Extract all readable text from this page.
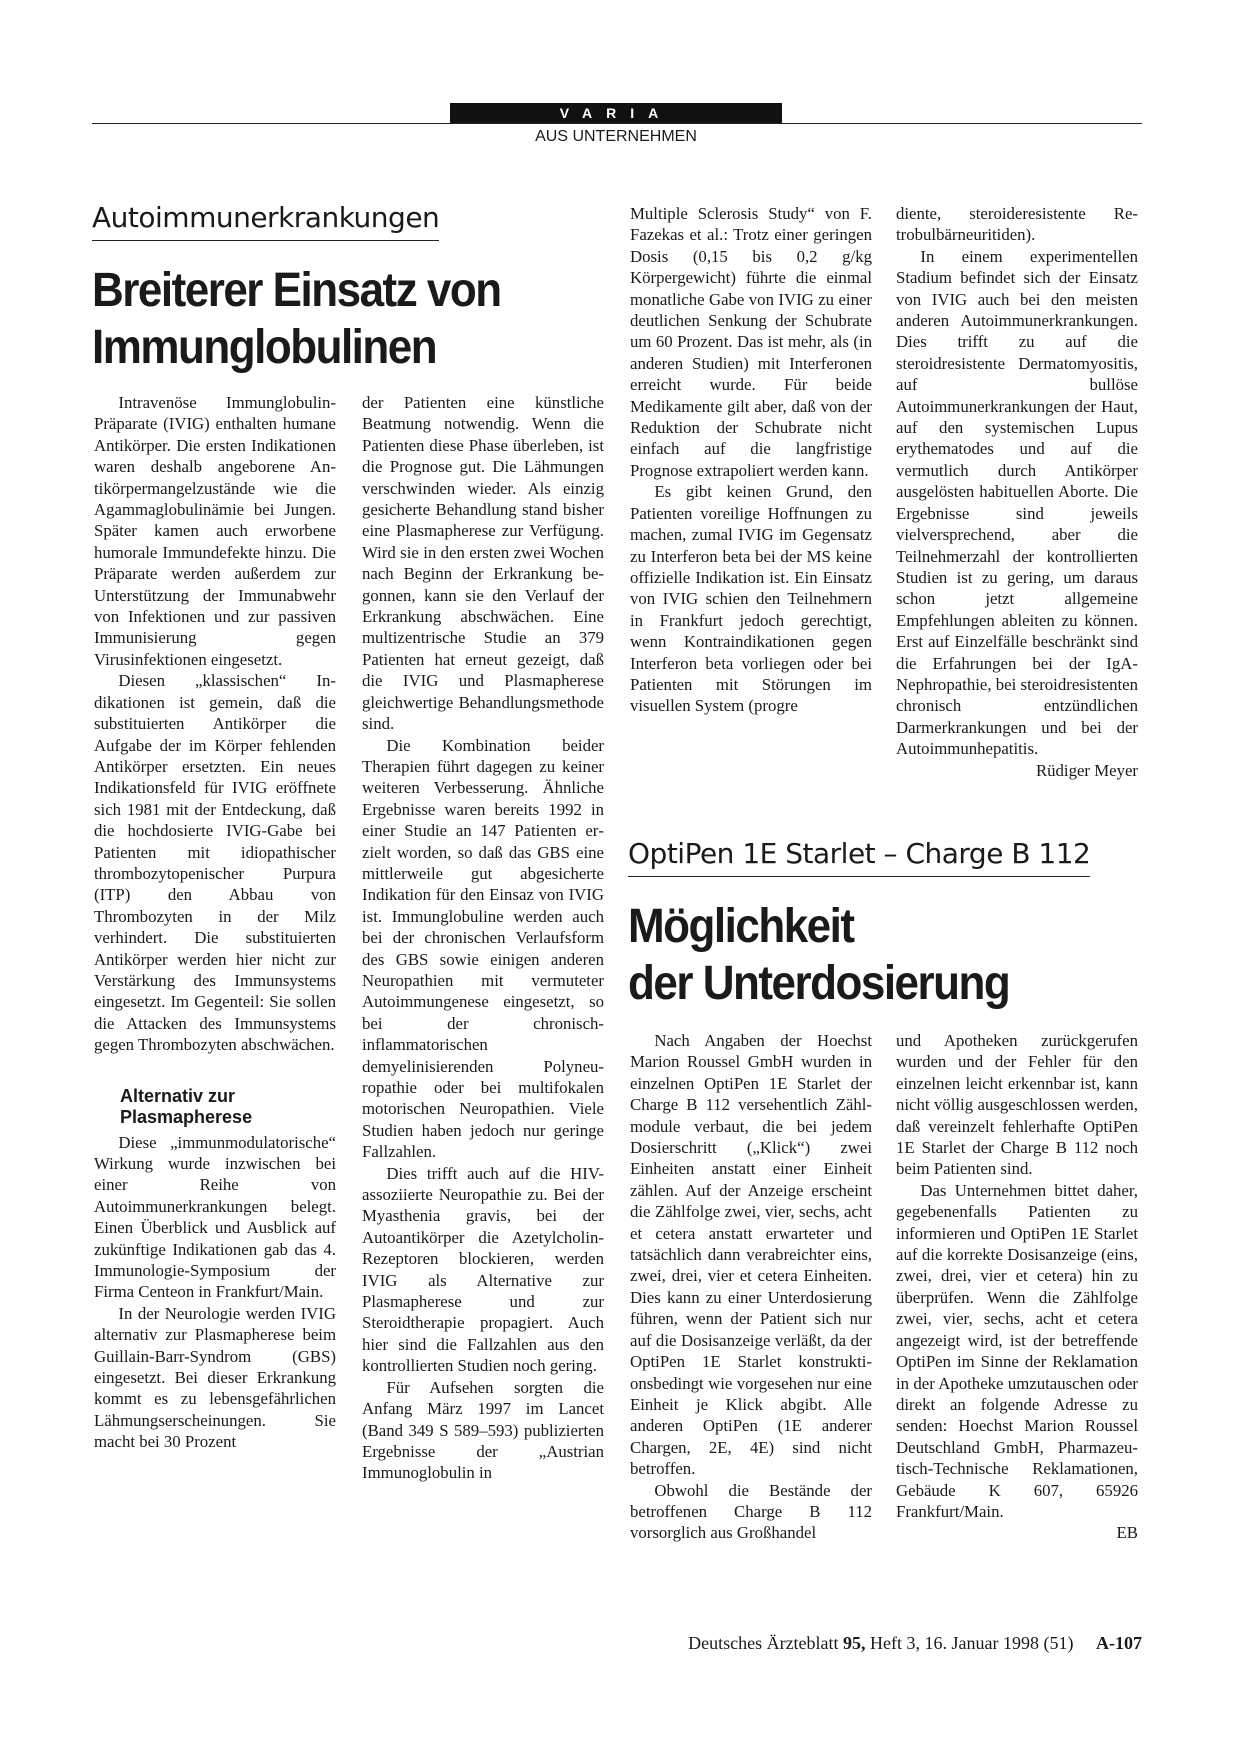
VARIA
AUS UNTERNEHMEN
Autoimmunerkrankungen
Breiterer Einsatz von
Immunglobulinen

Intravenöse Immunglobulin-Präparate (IVIG) enthalten humane Antikörper. Die ersten Indikationen waren deshalb angeborene Antikörpermangelzustände wie die Agammaglobulinämie bei Jungen. Später kamen auch erworbene humorale Immundefekte hinzu. Die Präparate werden außerdem zur Unterstützung der Immunabwehr von Infektionen und zur passiven Immunisierung gegen Virusinfektionen eingesetzt.

Diesen „klassischen“ Indikationen ist gemein, daß die substituierten Antikörper die Aufgabe der im Körper fehlenden Antikörper ersetzten. Ein neues Indikationsfeld für IVIG eröffnete sich 1981 mit der Entdeckung, daß die hochdosierte IVIG-Gabe bei Patienten mit idiopathischer thrombozytopenischer Purpura (ITP) den Abbau von Thrombozyten in der Milz verhindert. Die substituierten Antikörper werden hier nicht zur Verstärkung des Immunsystems eingesetzt. Im Gegenteil: Sie sollen die Attacken des Immunsystems gegen Thrombozyten abschwächen.

Alternativ zur Plasmapherese

Diese „immunmodulatorische“ Wirkung wurde inzwischen bei einer Reihe von Autoimmunerkrankungen belegt. Einen Überblick und Ausblick auf zukünftige Indikationen gab das 4. Immunologie-Symposium der Firma Centeon in Frankfurt/Main.

In der Neurologie werden IVIG alternativ zur Plasmapherese beim Guillain-Barr-Syndrom (GBS) eingesetzt. Bei dieser Erkrankung kommt es zu lebensgefährlichen Lähmungserscheinungen. Sie macht bei 30 Prozent

der Patienten eine künstliche Beatmung notwendig. Wenn die Patienten diese Phase überleben, ist die Prognose gut. Die Lähmungen verschwinden wieder. Als einzig gesicherte Behandlung stand bisher eine Plasmapherese zur Verfügung. Wird sie in den ersten zwei Wochen nach Beginn der Erkrankung begonnen, kann sie den Verlauf der Erkrankung abschwächen. Eine multizentrische Studie an 379 Patienten hat erneut gezeigt, daß die IVIG und Plasmapherese gleichwertige Behandlungsmethode sind.

Die Kombination beider Therapien führt dagegen zu keiner weiteren Verbesserung. Ähnliche Ergebnisse waren bereits 1992 in einer Studie an 147 Patienten erzielt worden, so daß das GBS eine mittlerweile gut abgesicherte Indikation für den Einsaz von IVIG ist. Immunglobuline werden auch bei der chronischen Verlaufsform des GBS sowie einigen anderen Neuropathien mit vermuteter Autoimmungenese eingesetzt, so bei der chronisch-inflammatorischen demyelinisierenden Polyneuropathie oder bei multifokalen motorischen Neuropathien. Viele Studien haben jedoch nur geringe Fallzahlen.

Dies trifft auch auf die HIV-assoziierte Neuropathie zu. Bei der Myasthenia gravis, bei der Autoantikörper die Azetylcholin-Rezeptoren blockieren, werden IVIG als Alternative zur Plasmapherese und zur Steroidtherapie propagiert. Auch hier sind die Fallzahlen aus den kontrollierten Studien noch gering.

Für Aufsehen sorgten die Anfang März 1997 im Lancet (Band 349 S 589–593) publizierten Ergebnisse der „Austrian Immunoglobulin in

Multiple Sclerosis Study“ von F. Fazekas et al.: Trotz einer geringen Dosis (0,15 bis 0,2 g/kg Körpergewicht) führte die einmal monatliche Gabe von IVIG zu einer deutlichen Senkung der Schubrate um 60 Prozent. Das ist mehr, als (in anderen Studien) mit Interferonen erreicht wurde. Für beide Medikamente gilt aber, daß von der Reduktion der Schubrate nicht einfach auf die langfristige Prognose extrapoliert werden kann.

Es gibt keinen Grund, den Patienten voreilige Hoffnungen zu machen, zumal IVIG im Gegensatz zu Interferon beta bei der MS keine offizielle Indikation ist. Ein Einsatz von IVIG schien den Teilnehmern in Frankfurt jedoch gerechtigt, wenn Kontraindikationen gegen Interferon beta vorliegen oder bei Patienten mit Störungen im visuellen System (progre

diente, steroideresistente Retrobulbärneuritiden).

In einem experimentellen Stadium befindet sich der Einsatz von IVIG auch bei den meisten anderen Autoimmunerkrankungen. Dies trifft zu auf die steroidresistente Dermatomyositis, auf bullöse Autoimmunerkrankungen der Haut, auf den systemischen Lupus erythematodes und auf die vermutlich durch Antikörper ausgelösten habituellen Aborte. Die Ergebnisse sind jeweils vielversprechend, aber die Teilnehmerzahl der kontrollierten Studien ist zu gering, um daraus schon jetzt allgemeine Empfehlungen ableiten zu können. Erst auf Einzelfälle beschränkt sind die Erfahrungen bei der IgA-Nephropathie, bei steroidresistenten chronisch entzündlichen Darmerkrankungen und bei der Autoimmunhepatitis.

Rüdiger Meyer
OptiPen 1E Starlet – Charge B 112
Möglichkeit
der Unterdosierung

Nach Angaben der Hoechst Marion Roussel GmbH wurden in einzelnen OptiPen 1E Starlet der Charge B 112 versehentlich Zählmodule verbaut, die bei jedem Dosierschritt („Klick“) zwei Einheiten anstatt einer Einheit zählen. Auf der Anzeige erscheint die Zählfolge zwei, vier, sechs, acht et cetera anstatt erwarteter und tatsächlich dann verabreichter eins, zwei, drei, vier et cetera Einheiten. Dies kann zu einer Unterdosierung führen, wenn der Patient sich nur auf die Dosisanzeige verläßt, da der OptiPen 1E Starlet konstruktionsbedingt wie vorgesehen nur eine Einheit je Klick abgibt. Alle anderen OptiPen (1E anderer Chargen, 2E, 4E) sind nicht betroffen.

Obwohl die Bestände der betroffenen Charge B 112 vorsorglich aus Großhandel

und Apotheken zurückgerufen wurden und der Fehler für den einzelnen leicht erkennbar ist, kann nicht völlig ausgeschlossen werden, daß vereinzelt fehlerhafte OptiPen 1E Starlet der Charge B 112 noch beim Patienten sind.

Das Unternehmen bittet daher, gegebenenfalls Patienten zu informieren und OptiPen 1E Starlet auf die korrekte Dosisanzeige (eins, zwei, drei, vier et cetera) hin zu überprüfen. Wenn die Zählfolge zwei, vier, sechs, acht et cetera angezeigt wird, ist der betreffende OptiPen im Sinne der Reklamation in der Apotheke umzutauschen oder direkt an folgende Adresse zu senden: Hoechst Marion Roussel Deutschland GmbH, Pharmazeutisch-Technische Reklamationen, Gebäude K 607, 65926 Frankfurt/Main.

EB
Deutsches Ärzteblatt 95, Heft 3, 16. Januar 1998 (51) A-107
